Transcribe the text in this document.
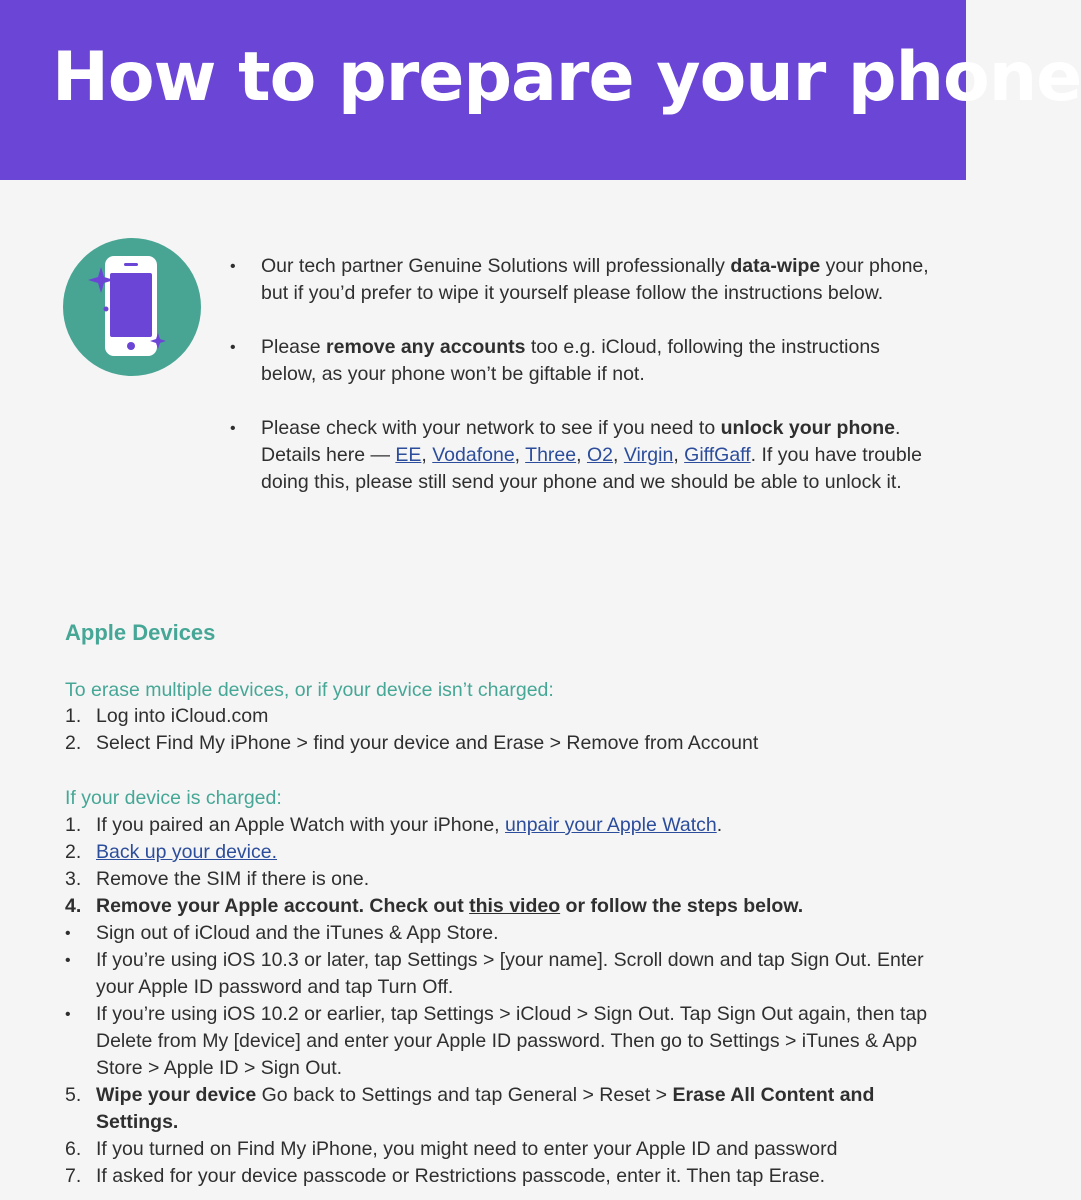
How to prepare your phone
• Our tech partner Genuine Solutions will professionally data-wipe your phone, but if you’d prefer to wipe it yourself please follow the instructions below.
• Please remove any accounts too e.g. iCloud, following the instructions below, as your phone won’t be giftable if not.
• Please check with your network to see if you need to unlock your phone. Details here — EE, Vodafone, Three, O2, Virgin, GiffGaff. If you have trouble doing this, please still send your phone and we should be able to unlock it.
Apple Devices
To erase multiple devices, or if your device isn’t charged:
1. Log into iCloud.com
2. Select Find My iPhone > find your device and Erase > Remove from Account
If your device is charged:
1. If you paired an Apple Watch with your iPhone, unpair your Apple Watch.
2. Back up your device.
3. Remove the SIM if there is one.
4. Remove your Apple account. Check out this video or follow the steps below.
• Sign out of iCloud and the iTunes & App Store.
• If you’re using iOS 10.3 or later, tap Settings > [your name]. Scroll down and tap Sign Out. Enter your Apple ID password and tap Turn Off.
• If you’re using iOS 10.2 or earlier, tap Settings > iCloud > Sign Out. Tap Sign Out again, then tap Delete from My [device] and enter your Apple ID password. Then go to Settings > iTunes & App Store > Apple ID > Sign Out.
5. Wipe your device Go back to Settings and tap General > Reset > Erase All Content and Settings.
6. If you turned on Find My iPhone, you might need to enter your Apple ID and password
7. If asked for your device passcode or Restrictions passcode, enter it. Then tap Erase.
